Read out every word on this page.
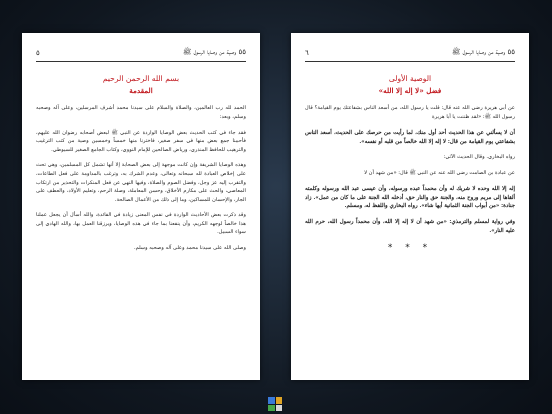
٥٥ وصية من وصايا الرسول ﷺ
٥
بسم الله الرحمن الرحيم
المقدمة

الحمد لله رب العالمين، والصلاة والسلام على سيدنا محمد أشرف المرسلين، وعلى آله وصحبه وسلم، وبعد:

فقد جاء في كتب الحديث بعض الوصايا الواردة عن النبي ﷺ لبعض أصحابه رضوان الله عليهم، فأحببنا جمع بعض منها في سفر صغير، فاخترنا منها خمساً وخمسين وصية من كتب الترغيب والترهيب للحافظ المنذري، ورياض الصالحين للإمام النووي، وكتاب الجامع الصغير للسيوطي.

وهذه الوصايا الشريفة وإن كانت موجهة إلى بعض الصحابة إلا أنها تشمل كل المسلمين، وهي تحث على إخلاص العبادة لله سبحانه وتعالى، وعدم الشرك به، وترغب بالمداومة على فعل الطاعات، والتقرب إليه عز وجل، وفضل الصوم والصلاة، وفيها النهي عن فعل المنكرات والتحذير من ارتكاب المعاصي، والحث على مكارم الأخلاق، وحسن المعاملة، وصلة الرحم، وتعليم الأولاد، والعطف على الجار، والإحسان للمساكين، وما إلى ذلك من الأعمال الصالحة.

وقد ذكرت بعض الأحاديث الواردة في نفس المعنى زيادة في الفائدة، والله أسأل أن يجعل عملنا هذا خالصاً لوجهه الكريم، وأن ينفعنا بما جاء في هذه الوصايا، ويرزقنا العمل بها، والله الهادي إلى سواء السبيل.

وصلى الله على سيدنا محمد وعلى آله وصحبه وسلم.

٥٥ وصية من وصايا الرسول ﷺ
٦
الوصية الأولى
فضل «لا إله إلا الله»

عن أبي هريرة رضي الله عنه قال: قلت يا رسول الله، من أسعد الناس بشفاعتك يوم القيامة؟ قال رسول الله ﷺ: «لقد ظننت يا أبا هريرة

أن لا يسألني عن هذا الحديث أحد أول منك، لما رأيت من حرصك على الحديث، أسعد الناس بشفاعتي يوم القيامة من قال: لا إله إلا الله خالصاً من قلبه أو نفسه».

رواه البخاري. وقال الحديث الآتي:

عن عبادة بن الصامت رضي الله عنه عن النبي ﷺ قال: «من شهد أن لا

إله إلا الله وحده لا شريك له وأن محمداً عبده ورسوله، وأن عيسى عبد الله ورسوله وكلمته ألقاها إلى مريم وروح منه، والجنة حق والنار حق، أدخله الله الجنة على ما كان من عمل». زاد جنادة: «من أبواب الجنة الثمانية أيها شاء». رواه البخاري واللفظ له، ومسلم.

وفي رواية لمسلم والترمذي: «من شهد أن لا إله إلا الله، وأن محمداً رسول الله، حرم الله عليه النار».

* * *
